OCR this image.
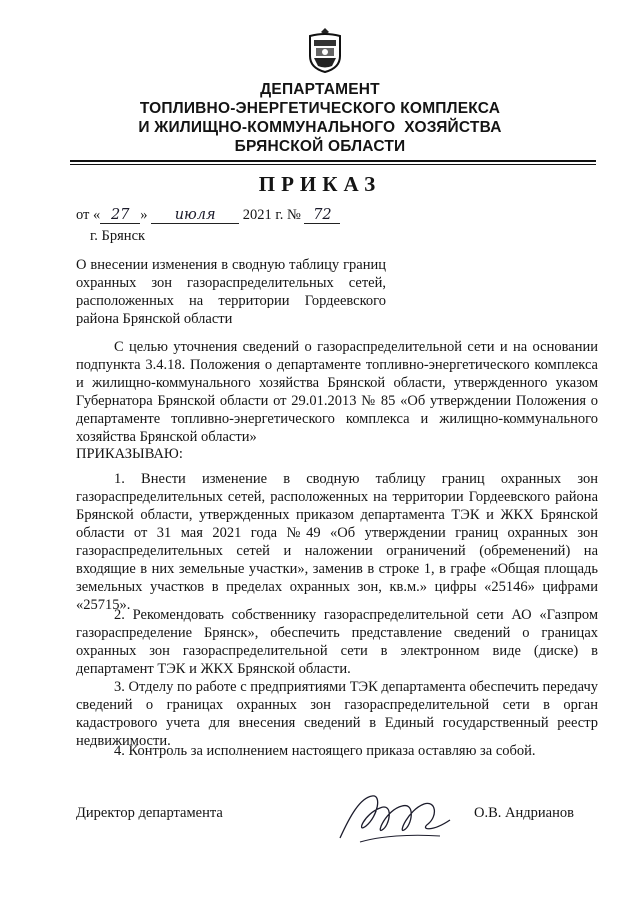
ДЕПАРТАМЕНТ
ТОПЛИВНО-ЭНЕРГЕТИЧЕСКОГО КОМПЛЕКСА
И ЖИЛИЩНО-КОММУНАЛЬНОГО  ХОЗЯЙСТВА
БРЯНСКОЙ ОБЛАСТИ
ПРИКАЗ
от « 27 » июля 2021 г. № 72
г. Брянск
О внесении изменения в сводную таблицу границ охранных зон газораспределительных сетей, расположенных на территории Гордеевского района Брянской области

С целью уточнения сведений о газораспределительной сети и на основании подпункта 3.4.18. Положения о департаменте топливно-энергетического комплекса и жилищно-коммунального хозяйства Брянской области, утвержденного указом Губернатора Брянской области от 29.01.2013 № 85 «Об утверждении Положения о департаменте топливно-энергетического комплекса и жилищно-коммунального хозяйства Брянской области»

ПРИКАЗЫВАЮ:

1. Внести изменение в сводную таблицу границ охранных зон газораспределительных сетей, расположенных на территории Гордеевского района Брянской области, утвержденных приказом департамента ТЭК и ЖКХ Брянской области от 31 мая 2021 года №49 «Об утверждении границ охранных зон газораспределительных сетей и наложении ограничений (обременений) на входящие в них земельные участки», заменив в строке 1, в графе «Общая площадь земельных участков в пределах охранных зон, кв.м.» цифры «25146» цифрами «25715».

2. Рекомендовать собственнику газораспределительной сети АО «Газпром газораспределение Брянск», обеспечить представление сведений о границах охранных зон газораспределительной сети в электронном виде (диске) в департамент ТЭК и ЖКХ Брянской области.

3. Отделу по работе с предприятиями ТЭК департамента обеспечить передачу сведений о границах охранных зон газораспределительной сети в орган кадастрового учета для внесения сведений в Единый государственный реестр недвижимости.

4. Контроль за исполнением настоящего приказа оставляю за собой.

Директор департамента	О.В. Андрианов
